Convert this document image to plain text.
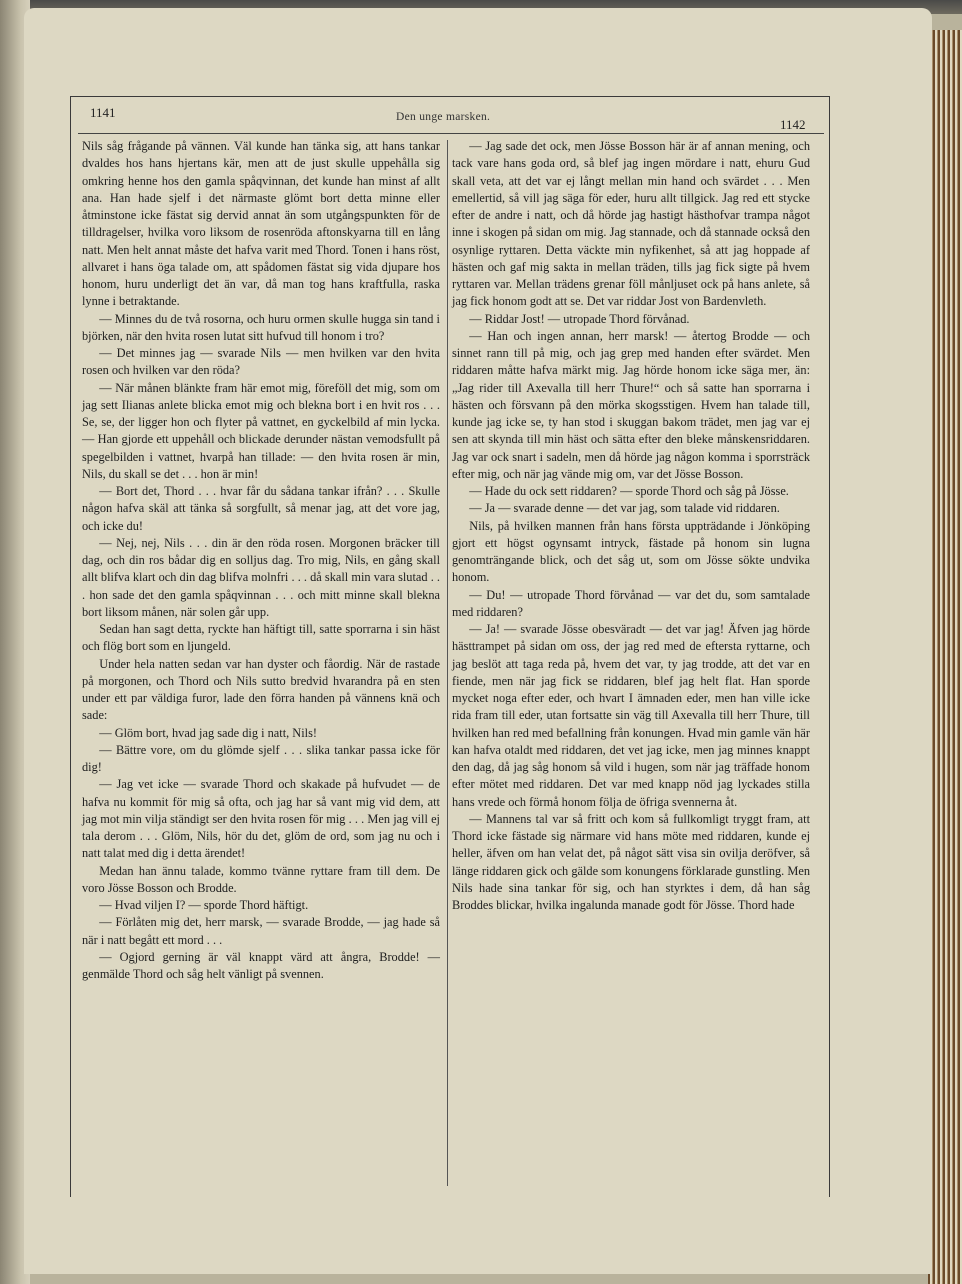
1141	Den unge marsken.	1142

Nils såg frågande på vännen. Väl kunde han tänka sig, att hans tankar dvaldes hos hans hjertans kär, men att de just skulle uppehålla sig omkring henne hos den gamla spåqvinnan, det kunde han minst af allt ana. Han hade sjelf i det närmaste glömt bort detta minne eller åtminstone icke fästat sig dervid annat än som utgångspunkten för de tilldragelser, hvilka voro liksom de rosenröda aftonskyarna till en lång natt. Men helt annat måste det hafva varit med Thord. Tonen i hans röst, allvaret i hans öga talade om, att spådomen fästat sig vida djupare hos honom, huru underligt det än var, då man tog hans kraftfulla, raska lynne i betraktande.

— Minnes du de två rosorna, och huru ormen skulle hugga sin tand i björken, när den hvita rosen lutat sitt hufvud till honom i tro?

— Det minnes jag — svarade Nils — men hvilken var den hvita rosen och hvilken var den röda?

— När månen blänkte fram här emot mig, föreföll det mig, som om jag sett Ilianas anlete blicka emot mig och blekna bort i en hvit ros . . . Se, se, der ligger hon och flyter på vattnet, en gyckelbild af min lycka. — Han gjorde ett uppehåll och blickade derunder nästan vemodsfullt på spegelbilden i vattnet, hvarpå han tillade: — den hvita rosen är min, Nils, du skall se det . . . hon är min!

— Bort det, Thord . . . hvar får du sådana tankar ifrån? . . . Skulle någon hafva skäl att tänka så sorgfullt, så menar jag, att det vore jag, och icke du!

— Nej, nej, Nils . . . din är den röda rosen. Morgonen bräcker till dag, och din ros bådar dig en solljus dag. Tro mig, Nils, en gång skall allt blifva klart och din dag blifva molnfri . . . då skall min vara slutad . . . hon sade det den gamla spåqvinnan . . . och mitt minne skall blekna bort liksom månen, när solen går upp.

Sedan han sagt detta, ryckte han häftigt till, satte sporrarna i sin häst och flög bort som en ljungeld.

Under hela natten sedan var han dyster och fåordig. När de rastade på morgonen, och Thord och Nils sutto bredvid hvarandra på en sten under ett par väldiga furor, lade den förra handen på vännens knä och sade:

— Glöm bort, hvad jag sade dig i natt, Nils!

— Bättre vore, om du glömde sjelf . . . slika tankar passa icke för dig!

— Jag vet icke — svarade Thord och skakade på hufvudet — de hafva nu kommit för mig så ofta, och jag har så vant mig vid dem, att jag mot min vilja ständigt ser den hvita rosen för mig . . . Men jag vill ej tala derom . . . Glöm, Nils, hör du det, glöm de ord, som jag nu och i natt talat med dig i detta ärendet!

Medan han ännu talade, kommo tvänne ryttare fram till dem. De voro Jösse Bosson och Brodde.

— Hvad viljen I? — sporde Thord häftigt.

— Förlåten mig det, herr marsk, — svarade Brodde, — jag hade så när i natt begått ett mord . . .

— Ogjord gerning är väl knappt värd att ångra, Brodde! — genmälde Thord och såg helt vänligt på svennen.

— Jag sade det ock, men Jösse Bosson här är af annan mening, och tack vare hans goda ord, så blef jag ingen mördare i natt, ehuru Gud skall veta, att det var ej långt mellan min hand och svärdet . . . Men emellertid, så vill jag säga för eder, huru allt tillgick. Jag red ett stycke efter de andre i natt, och då hörde jag hastigt hästhofvar trampa något inne i skogen på sidan om mig. Jag stannade, och då stannade också den osynlige ryttaren. Detta väckte min nyfikenhet, så att jag hoppade af hästen och gaf mig sakta in mellan träden, tills jag fick sigte på hvem ryttaren var. Mellan trädens grenar föll månljuset ock på hans anlete, så jag fick honom godt att se. Det var riddar Jost von Bardenvleth.

— Riddar Jost! — utropade Thord förvånad.

— Han och ingen annan, herr marsk! — återtog Brodde — och sinnet rann till på mig, och jag grep med handen efter svärdet. Men riddaren måtte hafva märkt mig. Jag hörde honom icke säga mer, än: „Jag rider till Axevalla till herr Thure!“ och så satte han sporrarna i hästen och försvann på den mörka skogsstigen. Hvem han talade till, kunde jag icke se, ty han stod i skuggan bakom trädet, men jag var ej sen att skynda till min häst och sätta efter den bleke månskensriddaren. Jag var ock snart i sadeln, men då hörde jag någon komma i sporrsträck efter mig, och när jag vände mig om, var det Jösse Bosson.

— Hade du ock sett riddaren? — sporde Thord och såg på Jösse.

— Ja — svarade denne — det var jag, som talade vid riddaren.

Nils, på hvilken mannen från hans första uppträdande i Jönköping gjort ett högst ogynsamt intryck, fästade på honom sin lugna genomträngande blick, och det såg ut, som om Jösse sökte undvika honom.

— Du! — utropade Thord förvånad — var det du, som samtalade med riddaren?

— Ja! — svarade Jösse obesväradt — det var jag! Äfven jag hörde hästtrampet på sidan om oss, der jag red med de eftersta ryttarne, och jag beslöt att taga reda på, hvem det var, ty jag trodde, att det var en fiende, men när jag fick se riddaren, blef jag helt flat. Han sporde mycket noga efter eder, och hvart I ämnaden eder, men han ville icke rida fram till eder, utan fortsatte sin väg till Axevalla till herr Thure, till hvilken han red med befallning från konungen. Hvad min gamle vän här kan hafva otaldt med riddaren, det vet jag icke, men jag minnes knappt den dag, då jag såg honom så vild i hugen, som när jag träffade honom efter mötet med riddaren. Det var med knapp nöd jag lyckades stilla hans vrede och förmå honom följa de öfriga svennerna åt.

— Mannens tal var så fritt och kom så fullkomligt tryggt fram, att Thord icke fästade sig närmare vid hans möte med riddaren, kunde ej heller, äfven om han velat det, på något sätt visa sin ovilja deröfver, så länge riddaren gick och gälde som konungens förklarade gunstling. Men Nils hade sina tankar för sig, och han styrktes i dem, då han såg Broddes blickar, hvilka ingalunda manade godt för Jösse. Thord hade
